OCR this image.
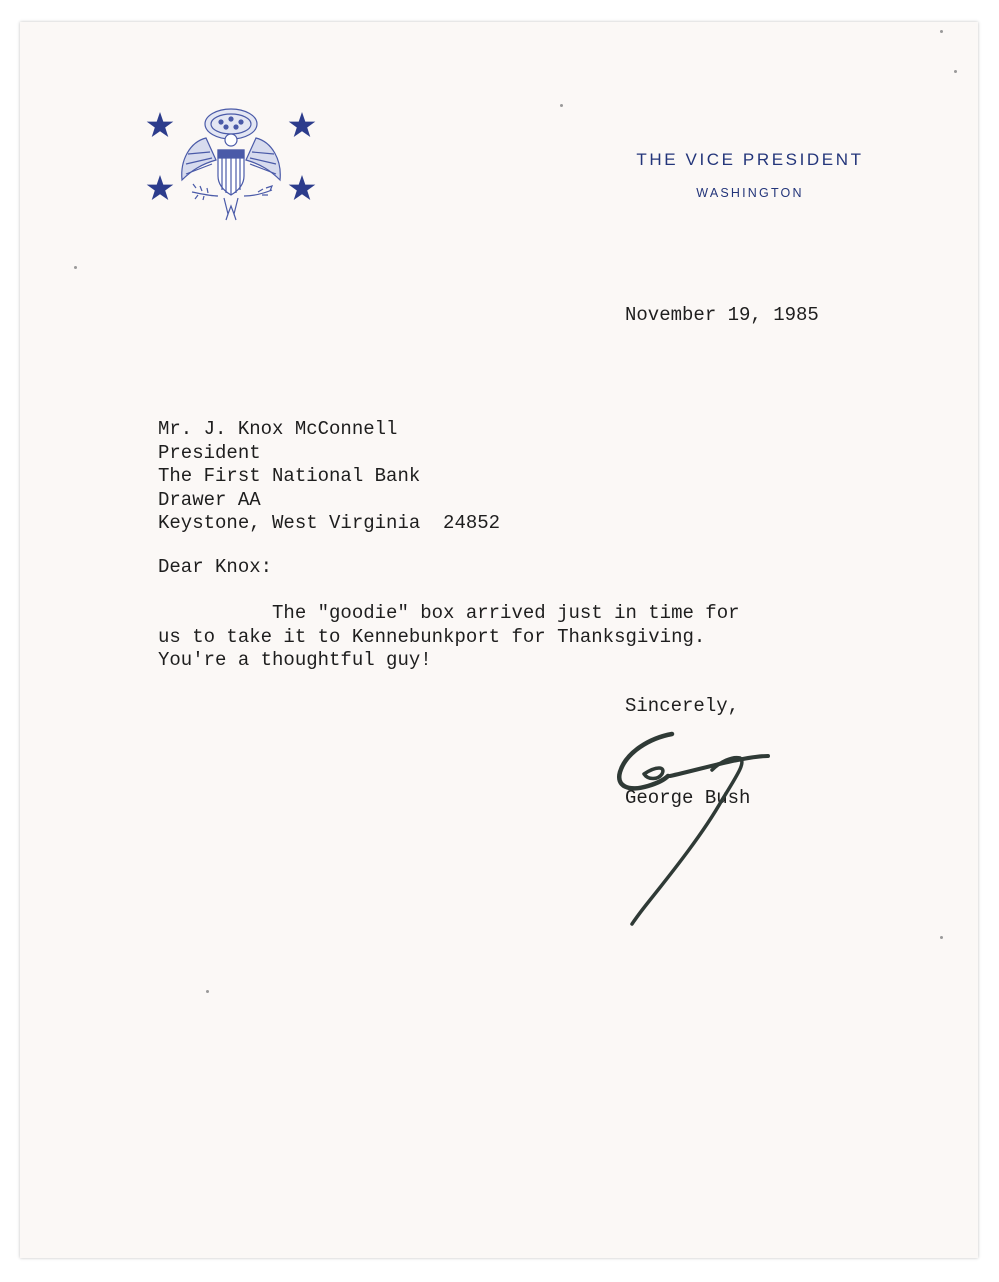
THE VICE PRESIDENT
WASHINGTON
November 19, 1985
Mr. J. Knox McConnell
President
The First National Bank
Drawer AA
Keystone, West Virginia  24852
Dear Knox:
The "goodie" box arrived just in time for
us to take it to Kennebunkport for Thanksgiving.
You're a thoughtful guy!
Sincerely,
George Bush
